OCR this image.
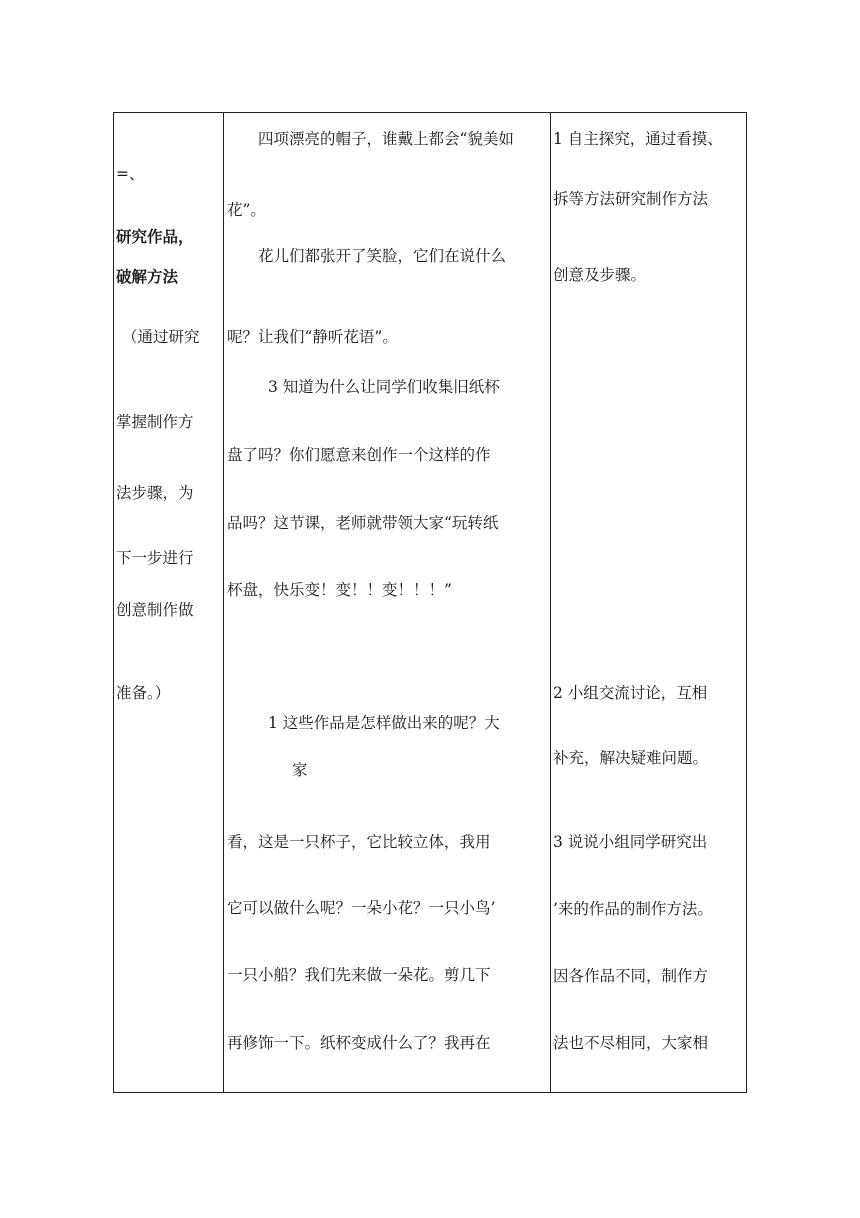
=、
研究作品，
破解方法
（通过研究
掌握制作方
法步骤，为
下一步进行
创意制作做
准备。）
四项漂亮的帽子，谁戴上都会“貌美如
花”。
花儿们都张开了笑脸，它们在说什么
呢？让我们“静听花语”。
3 知道为什么让同学们收集旧纸杯
盘了吗？你们愿意来创作一个这样的作
品吗？这节课，老师就带领大家“玩转纸
杯盘，快乐变！变！！变！！！”
1 这些作品是怎样做出来的呢？大
家
看，这是一只杯子，它比较立体，我用
它可以做什么呢？一朵小花？一只小鸟’
一只小船？我们先来做一朵花。剪几下
再修饰一下。纸杯变成什么了？我再在
1 自主探究，通过看摸、
拆等方法研究制作方法
创意及步骤。
2 小组交流讨论，互相
补充，解决疑难问题。
3 说说小组同学研究出
’来的作品的制作方法。
因各作品不同，制作方
法也不尽相同，大家相
